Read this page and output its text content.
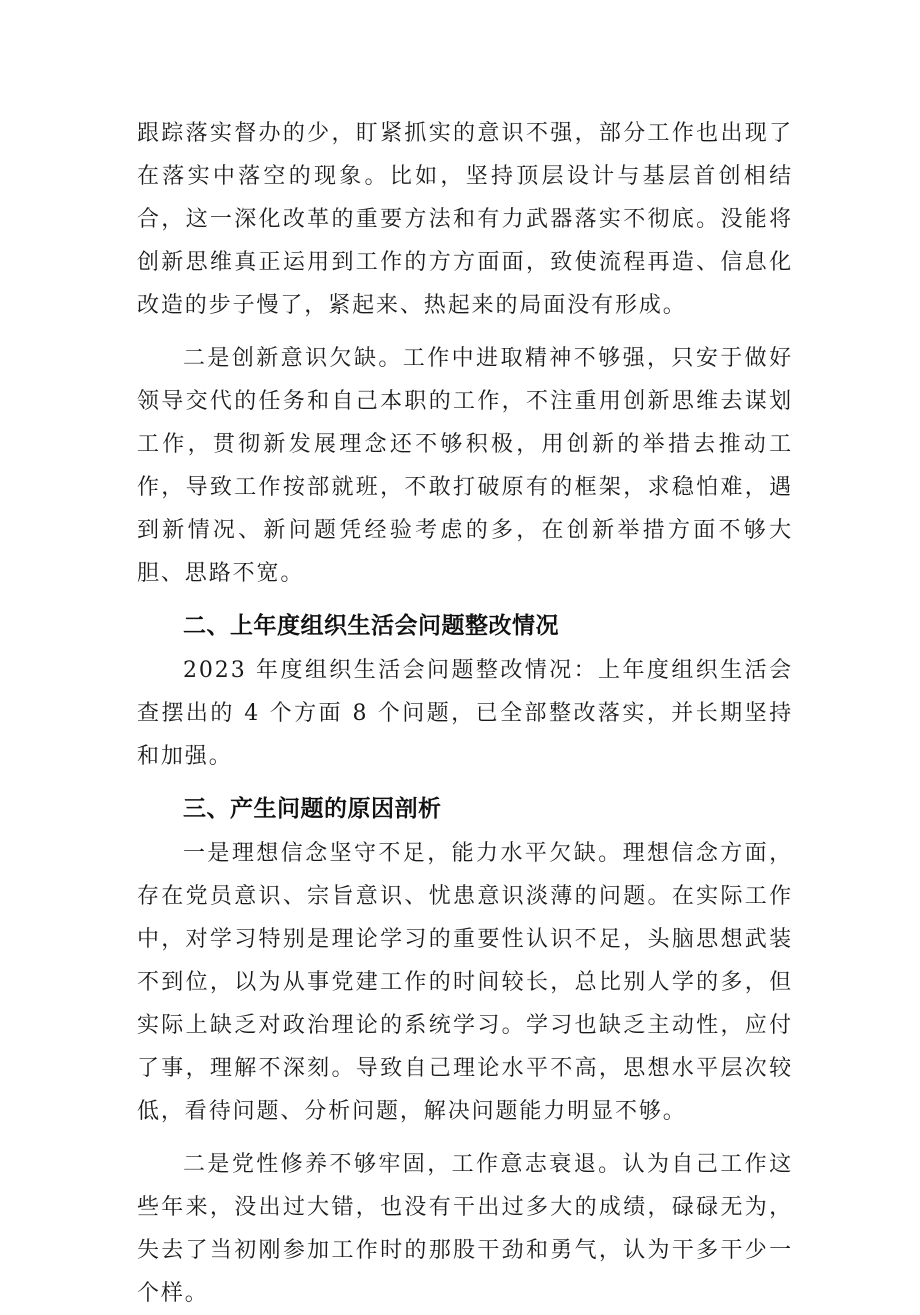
跟踪落实督办的少，盯紧抓实的意识不强，部分工作也出现了在落实中落空的现象。比如，坚持顶层设计与基层首创相结合，这一深化改革的重要方法和有力武器落实不彻底。没能将创新思维真正运用到工作的方方面面，致使流程再造、信息化改造的步子慢了，紧起来、热起来的局面没有形成。

二是创新意识欠缺。工作中进取精神不够强，只安于做好领导交代的任务和自己本职的工作，不注重用创新思维去谋划工作，贯彻新发展理念还不够积极，用创新的举措去推动工作，导致工作按部就班，不敢打破原有的框架，求稳怕难，遇到新情况、新问题凭经验考虑的多，在创新举措方面不够大胆、思路不宽。

二、上年度组织生活会问题整改情况

2023 年度组织生活会问题整改情况：上年度组织生活会查摆出的 4 个方面 8 个问题，已全部整改落实，并长期坚持和加强。

三、产生问题的原因剖析

一是理想信念坚守不足，能力水平欠缺。理想信念方面，存在党员意识、宗旨意识、忧患意识淡薄的问题。在实际工作中，对学习特别是理论学习的重要性认识不足，头脑思想武装不到位，以为从事党建工作的时间较长，总比别人学的多，但实际上缺乏对政治理论的系统学习。学习也缺乏主动性，应付了事，理解不深刻。导致自己理论水平不高，思想水平层次较低，看待问题、分析问题，解决问题能力明显不够。

二是党性修养不够牢固，工作意志衰退。认为自己工作这些年来，没出过大错，也没有干出过多大的成绩，碌碌无为，失去了当初刚参加工作时的那股干劲和勇气，认为干多干少一个样。
